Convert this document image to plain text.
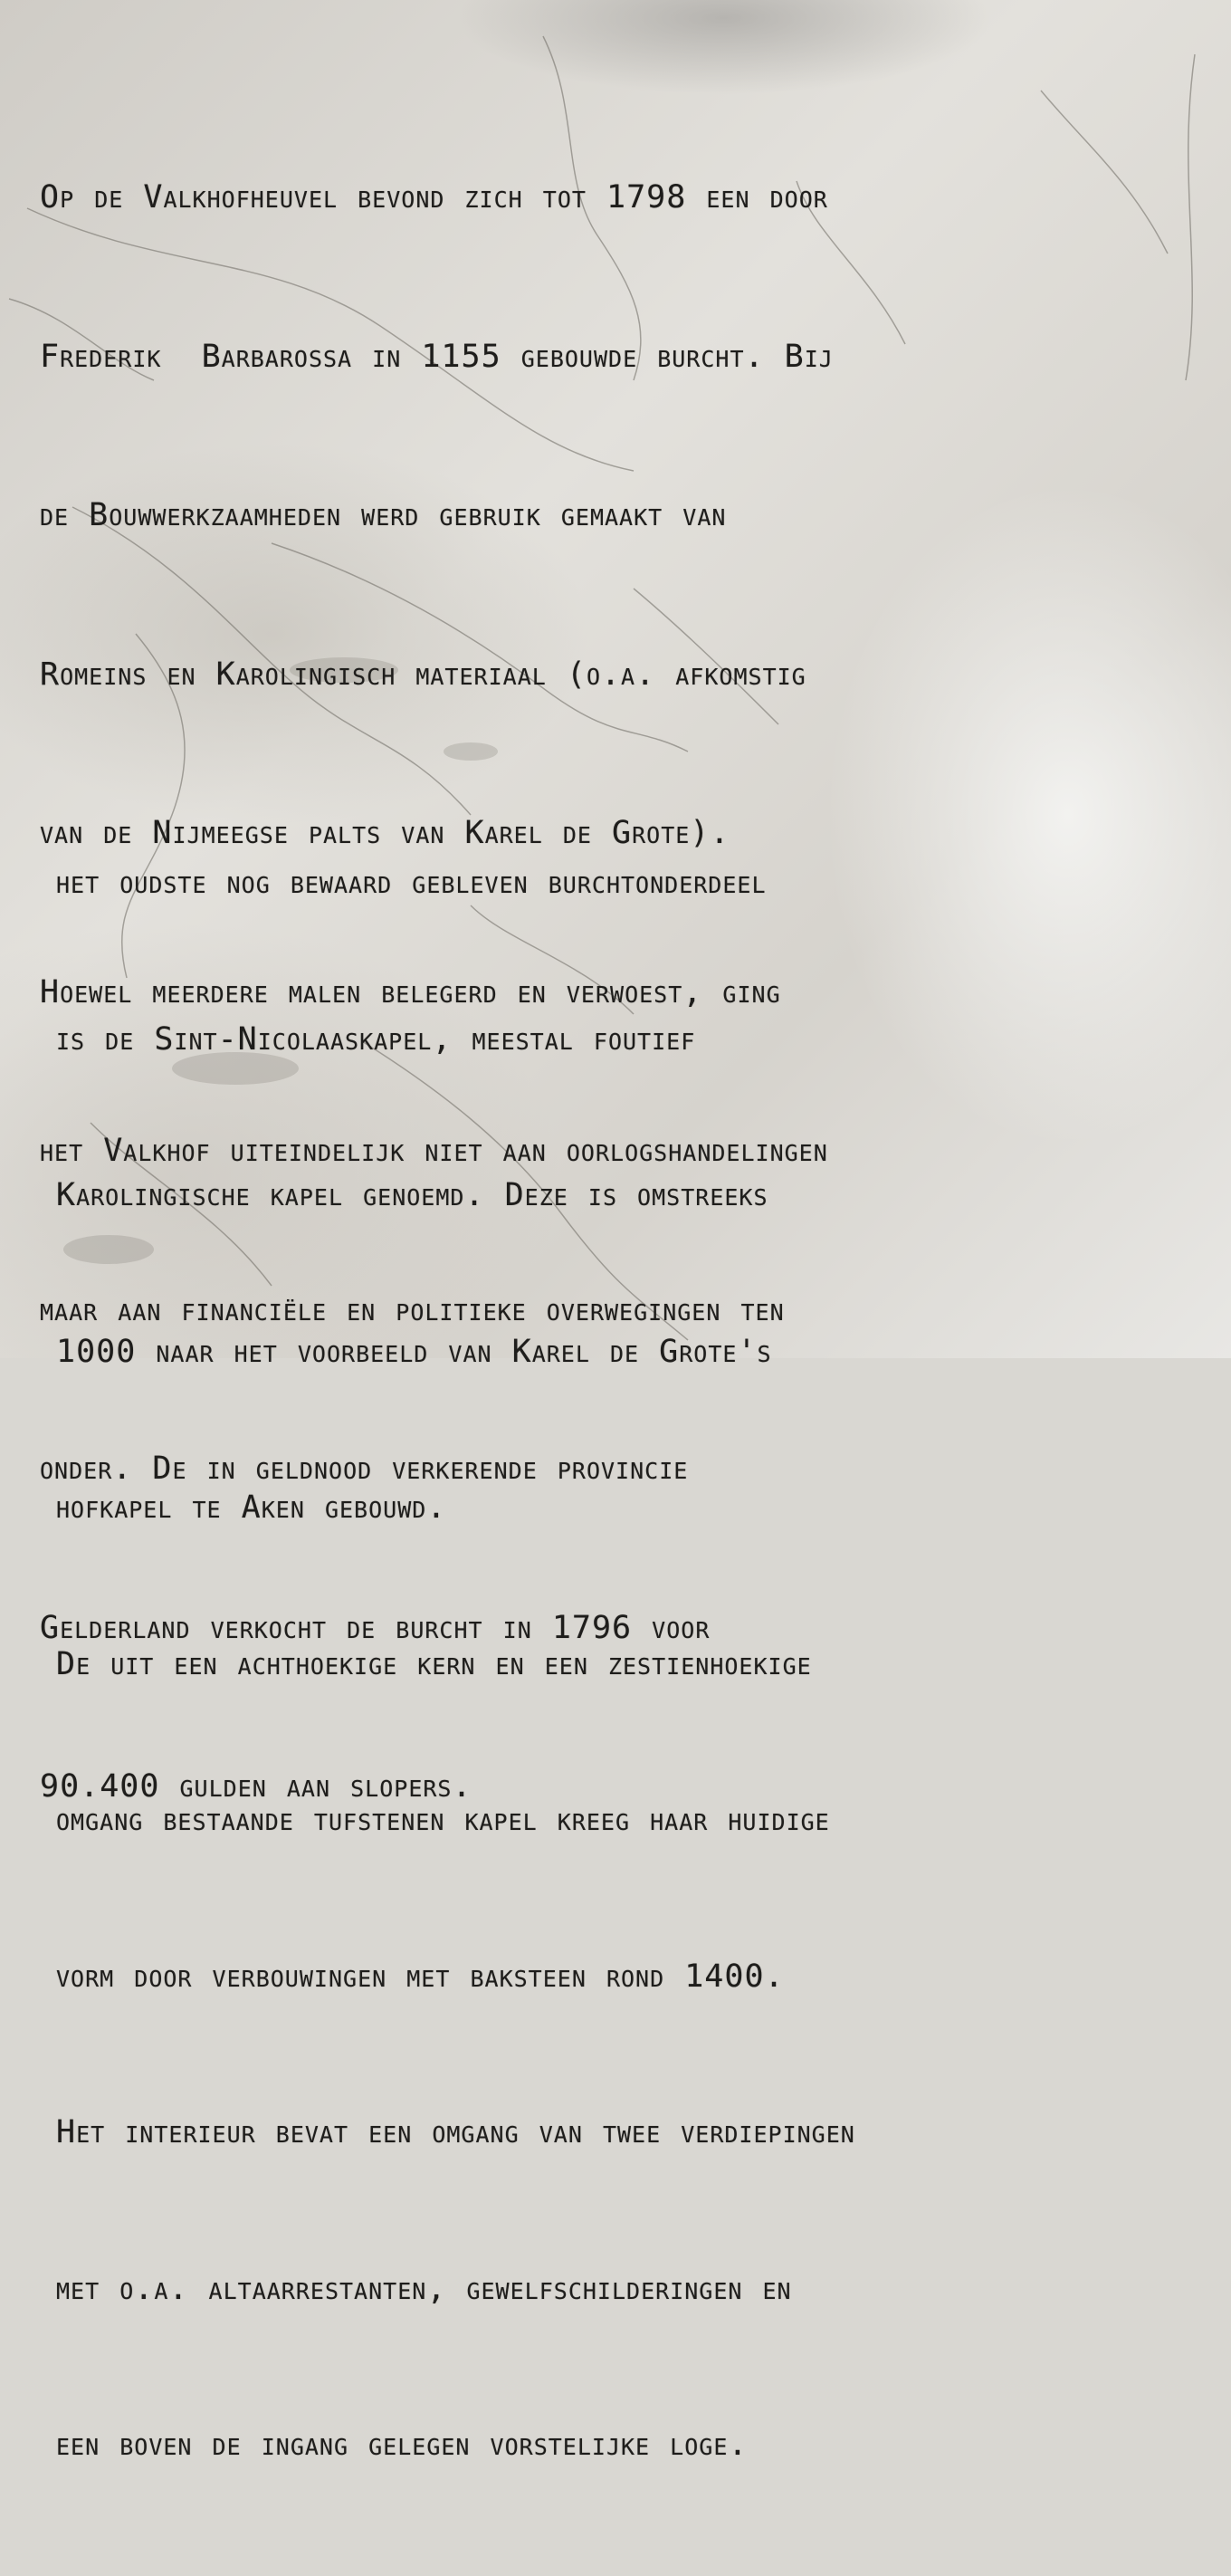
Op de Valkhofheuvel bevond zich tot 1798 een door

Frederik  Barbarossa in 1155 gebouwde burcht. Bij

de Bouwwerkzaamheden werd gebruik gemaakt van

Romeins en Karolingisch materiaal (o.a. afkomstig

van de Nijmeegse palts van Karel de Grote).

Hoewel meerdere malen belegerd en verwoest, ging

het Valkhof uiteindelijk niet aan oorlogshandelingen

maar aan financiële en politieke overwegingen ten

onder. De in geldnood verkerende provincie

Gelderland verkocht de burcht in 1796 voor

90.400 gulden aan slopers.

het oudste nog bewaard gebleven burchtonderdeel

is de Sint-Nicolaaskapel, meestal foutief

Karolingische kapel genoemd. Deze is omstreeks

1000 naar het voorbeeld van Karel de Grote's

hofkapel te Aken gebouwd.

De uit een achthoekige kern en een zestienhoekige

omgang bestaande tufstenen kapel kreeg haar huidige

vorm door verbouwingen met baksteen rond 1400.

Het interieur bevat een omgang van twee verdiepingen

met o.a. altaarrestanten, gewelfschilderingen en

een boven de ingang gelegen vorstelijke loge.
